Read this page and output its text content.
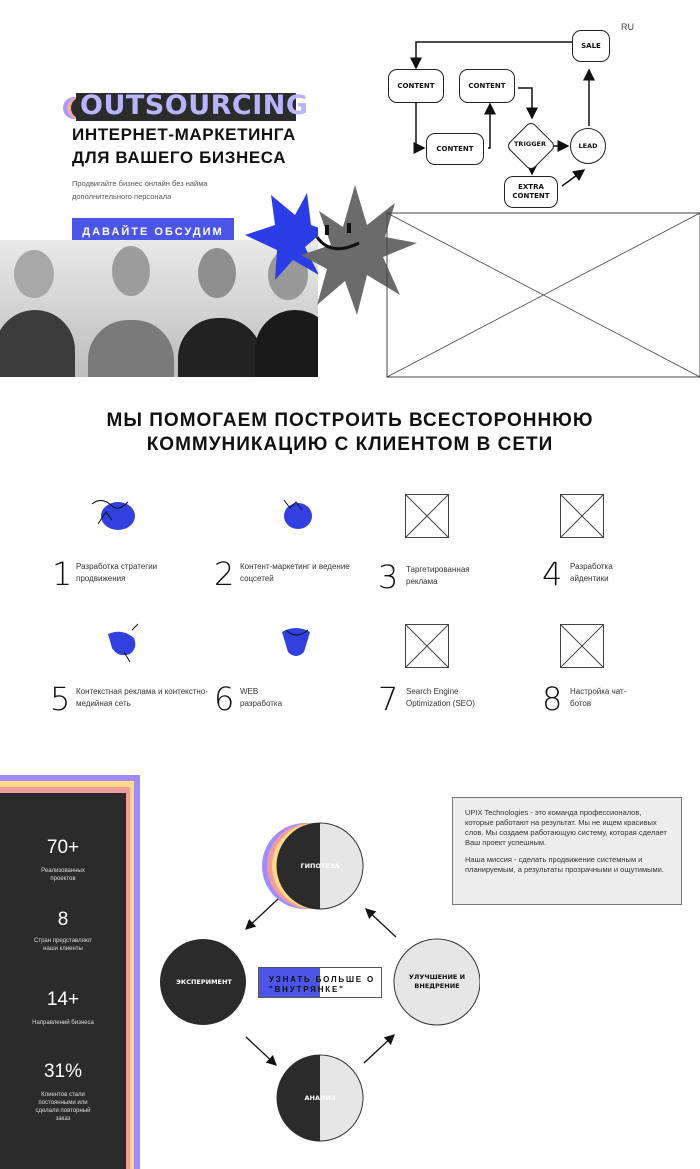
RU
OUTSOURCING
ИНТЕРНЕТ-МАРКЕТИНГА
ДЛЯ ВАШЕГО БИЗНЕСА
Продвигайте бизнес онлайн без найма дополнительного персонала
ДАВАЙТЕ ОБСУДИМ
SALE
CONTENT	CONTENT
CONTENT
TRIGGER	LEAD
EXTRA CONTENT
МЫ ПОМОГАЕМ ПОСТРОИТЬ ВСЕСТОРОННЮЮ
КОММУНИКАЦИЮ С КЛИЕНТОМ В СЕТИ
1 Разработка стратегии продвижения	2 Контент-маркетинг и ведение соцсетей	3 Таргетированная реклама	4 Разработка айдентики
5 Контекстная реклама и контекстно-медийная сеть	6 WEB разработка	7 Search Engine Optimization (SEO)	8 Настройка чат-ботов
70+
Реализованных проектов
8
Стран представляют наши клиенты
14+
Направлений бизнеса
31%
Клиентов стали постоянными или сделали повторный заказ

UPIX Technologies - это команда профессионалов, которые работают на результат. Мы не ищем красивых слов. Мы создаем работающую систему, которая сделает Ваш проект успешным.

Наша миссия - сделать продвижение системным и планируемым, а результаты прозрачными и ощутимыми.

ГИПОТЕЗА
ЭКСПЕРИМЕНТ
УЛУЧШЕНИЕ И ВНЕДРЕНИЕ
АНАЛИЗ
УЗНАТЬ БОЛЬШЕ О "ВНУТРЯНКЕ"
